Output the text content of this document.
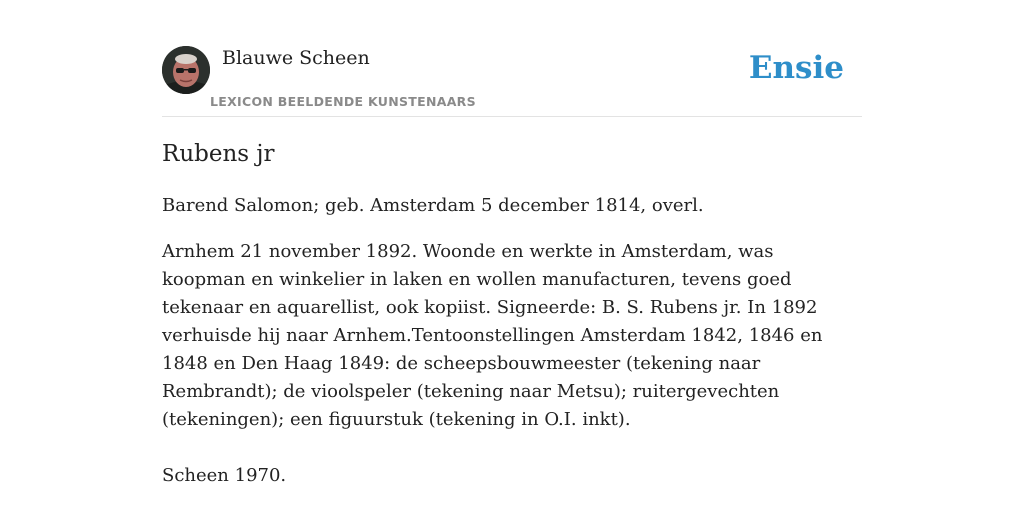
Blauwe Scheen
LEXICON BEELDENDE KUNSTENAARS
Ensie
Rubens jr

Barend Salomon; geb. Amsterdam 5 december 1814, overl.

Arnhem 21 november 1892. Woonde en werkte in Amsterdam, was koopman en winkelier in laken en wollen manufacturen, tevens goed tekenaar en aquarellist, ook kopiist. Signeerde: B. S. Rubens jr. In 1892 verhuisde hij naar Arnhem.Tentoonstellingen Amsterdam 1842, 1846 en 1848 en Den Haag 1849: de scheepsbouwmeester (tekening naar Rembrandt); de vioolspeler (tekening naar Metsu); ruitergevechten (tekeningen); een figuurstuk (tekening in O.I. inkt).

Scheen 1970.
